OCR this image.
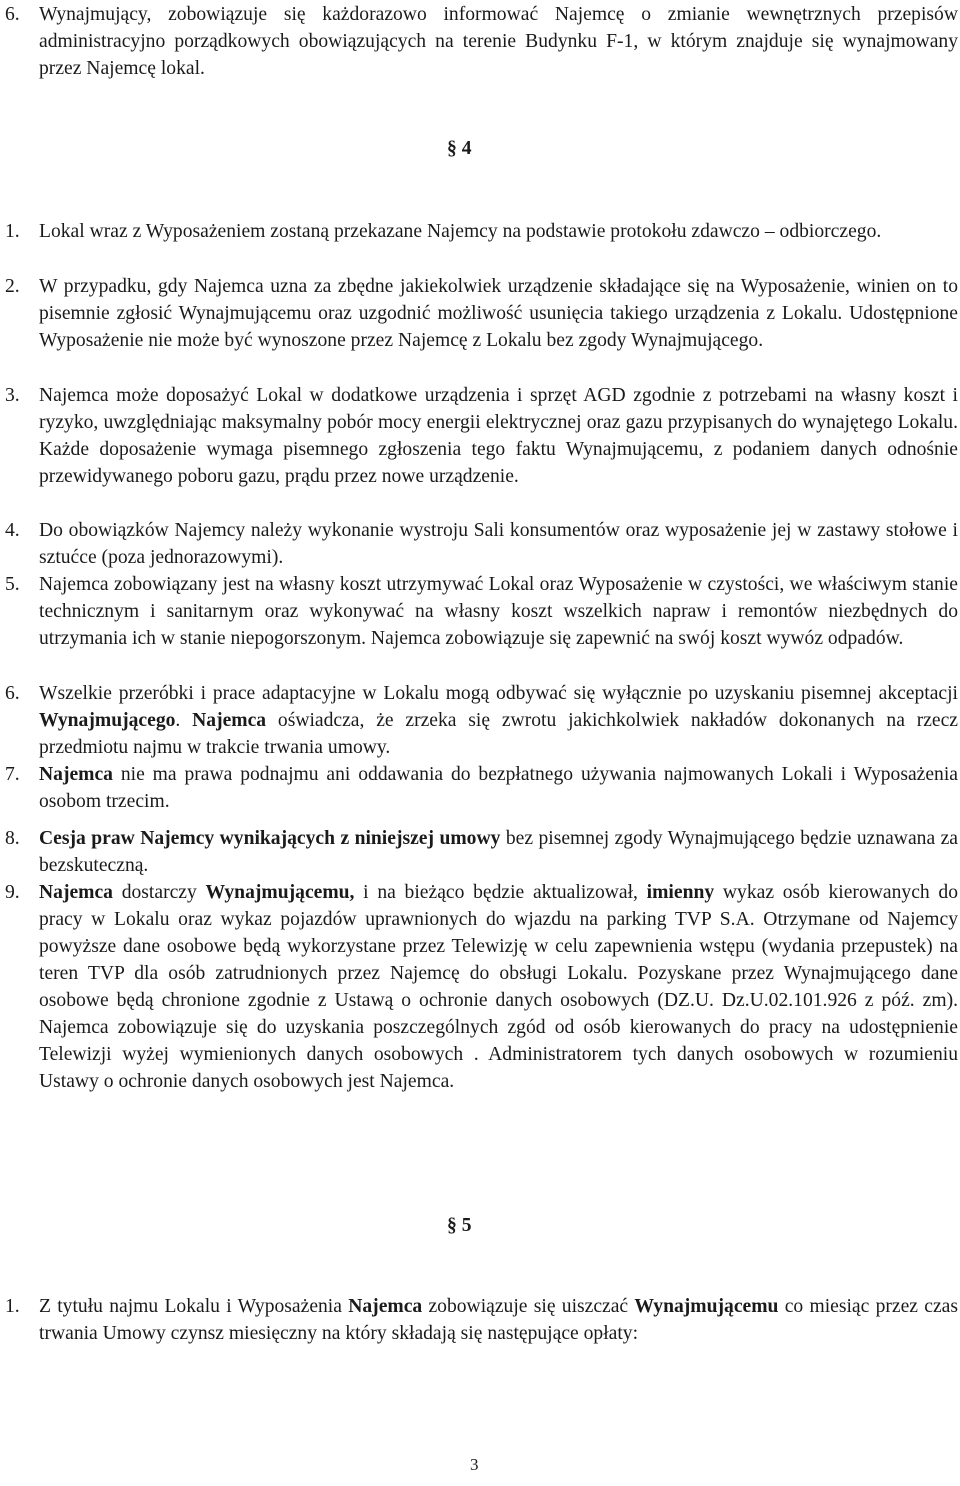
6. Wynajmujący, zobowiązuje się każdorazowo informować Najemcę o zmianie wewnętrznych przepisów administracyjno porządkowych obowiązujących na terenie Budynku F-1, w którym znajduje się wynajmowany przez Najemcę lokal.
§ 4
1. Lokal wraz z Wyposażeniem zostaną przekazane Najemcy na podstawie protokołu zdawczo – odbiorczego.
2. W przypadku, gdy Najemca uzna za zbędne jakiekolwiek urządzenie składające się na Wyposażenie, winien on to pisemnie zgłosić Wynajmującemu oraz uzgodnić możliwość usunięcia takiego urządzenia z Lokalu. Udostępnione Wyposażenie nie może być wynoszone przez Najemcę z Lokalu bez zgody Wynajmującego.
3. Najemca może doposażyć Lokal w dodatkowe urządzenia i sprzęt AGD zgodnie z potrzebami na własny koszt i ryzyko, uwzględniając maksymalny pobór mocy energii elektrycznej oraz gazu przypisanych do wynajętego Lokalu. Każde doposażenie wymaga pisemnego zgłoszenia tego faktu Wynajmującemu, z podaniem danych odnośnie przewidywanego poboru gazu, prądu przez nowe urządzenie.
4. Do obowiązków Najemcy należy wykonanie wystroju Sali konsumentów oraz wyposażenie jej w zastawy stołowe i sztućce (poza jednorazowymi).
5. Najemca zobowiązany jest na własny koszt utrzymywać Lokal oraz Wyposażenie w czystości, we właściwym stanie technicznym i sanitarnym oraz wykonywać na własny koszt wszelkich napraw i remontów niezbędnych do utrzymania ich w stanie niepogorszonym. Najemca zobowiązuje się zapewnić na swój koszt wywóz odpadów.
6. Wszelkie przeróbki i prace adaptacyjne w Lokalu mogą odbywać się wyłącznie po uzyskaniu pisemnej akceptacji Wynajmującego. Najemca oświadcza, że zrzeka się zwrotu jakichkolwiek nakładów dokonanych na rzecz przedmiotu najmu w trakcie trwania umowy.
7. Najemca nie ma prawa podnajmu ani oddawania do bezpłatnego używania najmowanych Lokali i Wyposażenia osobom trzecim.
8. Cesja praw Najemcy wynikających z niniejszej umowy bez pisemnej zgody Wynajmującego będzie uznawana za bezskuteczną.
9. Najemca dostarczy Wynajmującemu, i na bieżąco będzie aktualizował, imienny wykaz osób kierowanych do pracy w Lokalu oraz wykaz pojazdów uprawnionych do wjazdu na parking TVP S.A. Otrzymane od Najemcy powyższe dane osobowe będą wykorzystane przez Telewizję w celu zapewnienia wstępu (wydania przepustek) na teren TVP dla osób zatrudnionych przez Najemcę do obsługi Lokalu. Pozyskane przez Wynajmującego dane osobowe będą chronione zgodnie z Ustawą o ochronie danych osobowych (DZ.U. Dz.U.02.101.926 z póź. zm). Najemca zobowiązuje się do uzyskania poszczególnych zgód od osób kierowanych do pracy na udostępnienie Telewizji wyżej wymienionych danych osobowych . Administratorem tych danych osobowych w rozumieniu Ustawy o ochronie danych osobowych jest Najemca.
§ 5
1. Z tytułu najmu Lokalu i Wyposażenia Najemca zobowiązuje się uiszczać Wynajmującemu co miesiąc przez czas trwania Umowy czynsz miesięczny na który składają się następujące opłaty:
3
